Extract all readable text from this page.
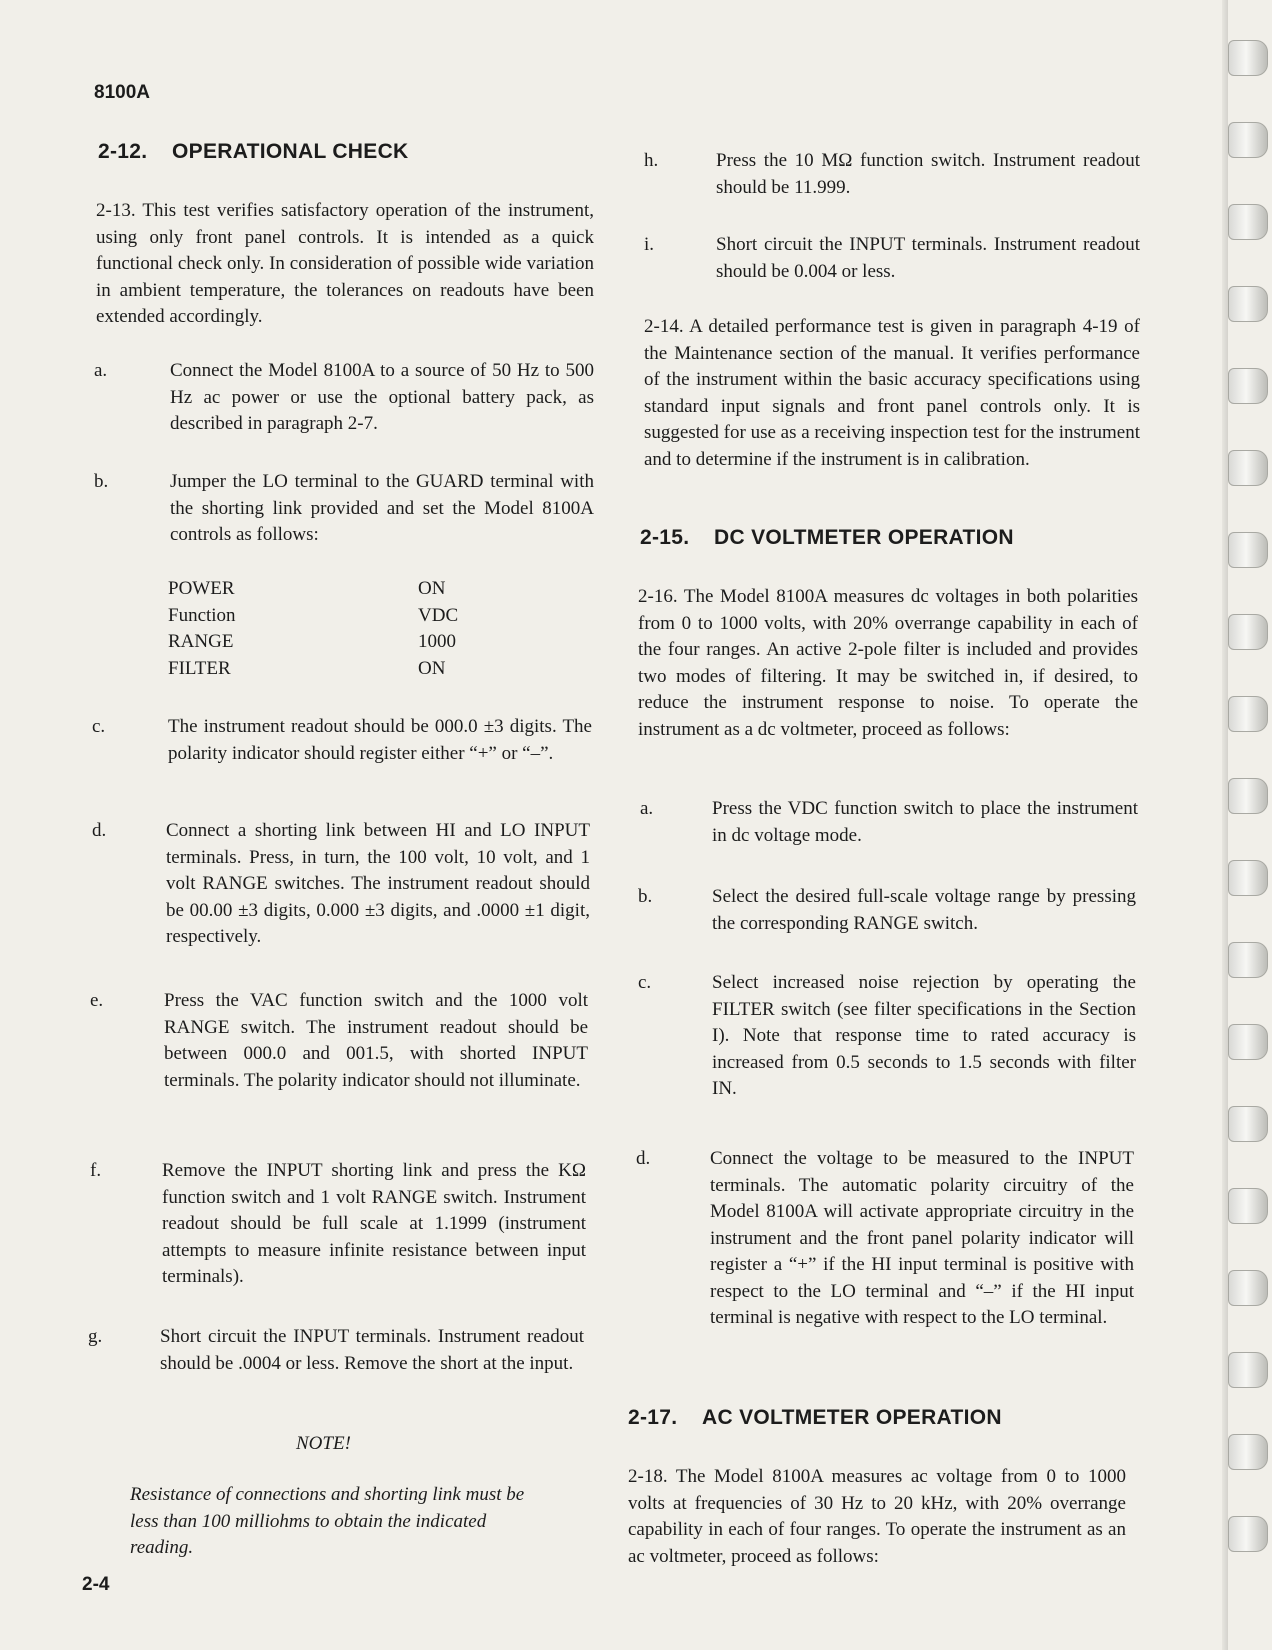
8100A
2-12. OPERATIONAL CHECK
2-13. This test verifies satisfactory operation of the instrument, using only front panel controls. It is intended as a quick functional check only. In consideration of possible wide variation in ambient temperature, the tolerances on readouts have been extended accordingly.
a.	Connect the Model 8100A to a source of 50 Hz to 500 Hz ac power or use the optional battery pack, as described in paragraph 2-7.
b.	Jumper the LO terminal to the GUARD terminal with the shorting link provided and set the Model 8100A controls as follows:
POWER	ON
Function	VDC
RANGE	1000
FILTER	ON
c.	The instrument readout should be 000.0 ±3 digits. The polarity indicator should register either “+” or “–”.
d.	Connect a shorting link between HI and LO INPUT terminals. Press, in turn, the 100 volt, 10 volt, and 1 volt RANGE switches. The instrument readout should be 00.00 ±3 digits, 0.000 ±3 digits, and .0000 ±1 digit, respectively.
e.	Press the VAC function switch and the 1000 volt RANGE switch. The instrument readout should be between 000.0 and 001.5, with shorted INPUT terminals. The polarity indicator should not illuminate.
f.	Remove the INPUT shorting link and press the KΩ function switch and 1 volt RANGE switch. Instrument readout should be full scale at 1.1999 (instrument attempts to measure infinite resistance between input terminals).
g.	Short circuit the INPUT terminals. Instrument readout should be .0004 or less. Remove the short at the input.
NOTE!
Resistance of connections and shorting link must be less than 100 milliohms to obtain the indicated reading.
2-4
h.	Press the 10 MΩ function switch. Instrument readout should be 11.999.
i.	Short circuit the INPUT terminals. Instrument readout should be 0.004 or less.
2-14. A detailed performance test is given in paragraph 4-19 of the Maintenance section of the manual. It verifies performance of the instrument within the basic accuracy specifications using standard input signals and front panel controls only. It is suggested for use as a receiving inspection test for the instrument and to determine if the instrument is in calibration.
2-15. DC VOLTMETER OPERATION
2-16. The Model 8100A measures dc voltages in both polarities from 0 to 1000 volts, with 20% overrange capability in each of the four ranges. An active 2-pole filter is included and provides two modes of filtering. It may be switched in, if desired, to reduce the instrument response to noise. To operate the instrument as a dc voltmeter, proceed as follows:
a.	Press the VDC function switch to place the instrument in dc voltage mode.
b.	Select the desired full-scale voltage range by pressing the corresponding RANGE switch.
c.	Select increased noise rejection by operating the FILTER switch (see filter specifications in the Section I). Note that response time to rated accuracy is increased from 0.5 seconds to 1.5 seconds with filter IN.
d.	Connect the voltage to be measured to the INPUT terminals. The automatic polarity circuitry of the Model 8100A will activate appropriate circuitry in the instrument and the front panel polarity indicator will register a “+” if the HI input terminal is positive with respect to the LO terminal and “–” if the HI input terminal is negative with respect to the LO terminal.
2-17. AC VOLTMETER OPERATION
2-18. The Model 8100A measures ac voltage from 0 to 1000 volts at frequencies of 30 Hz to 20 kHz, with 20% overrange capability in each of four ranges. To operate the instrument as an ac voltmeter, proceed as follows:
